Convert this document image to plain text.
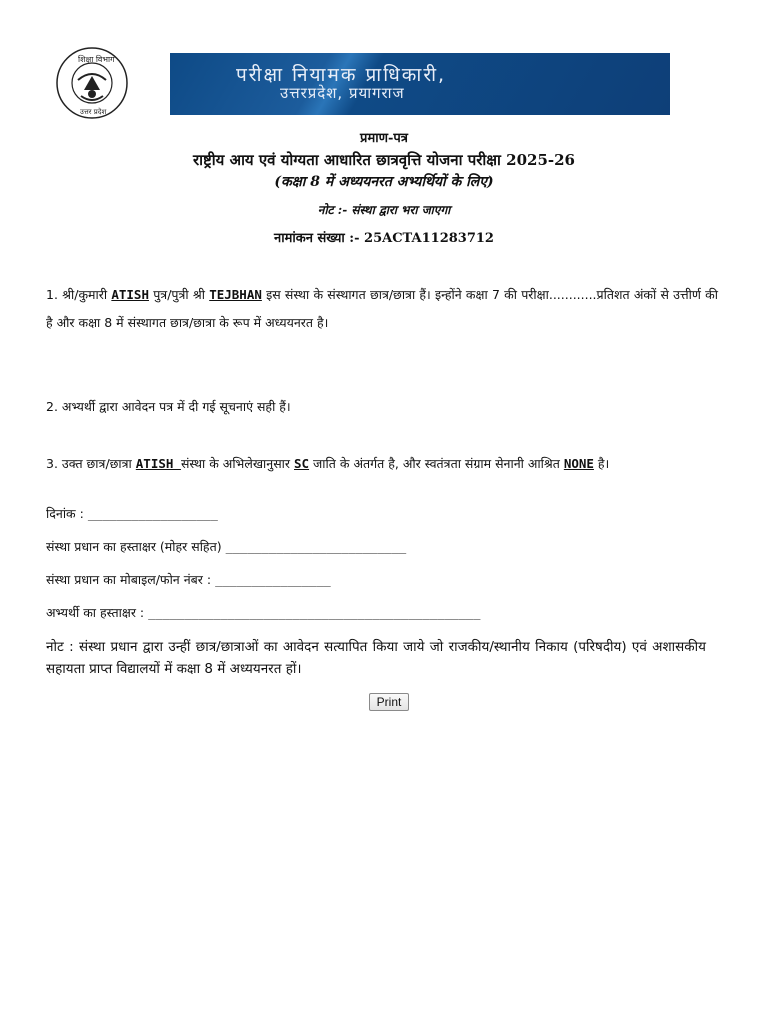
शिक्षा विभाग
उत्तर प्रदेश
परीक्षा नियामक प्राधिकारी,
उत्तरप्रदेश, प्रयागराज
प्रमाण-पत्र
राष्ट्रीय आय एवं योग्यता आधारित छात्रवृत्ति योजना परीक्षा 2025-26
(कक्षा 8 में अध्ययनरत अभ्यर्थियों के लिए)
नोट :- संस्था द्वारा भरा जाएगा
नामांकन संख्या :- 25ACTA11283712
1. श्री/कुमारी ATISH पुत्र/पुत्री श्री TEJBHAN इस संस्था के संस्थागत छात्र/छात्रा हैं। इन्होंने कक्षा 7 की परीक्षा............प्रतिशत अंकों से उत्तीर्ण की है और कक्षा 8 में संस्थागत छात्र/छात्रा के रूप में अध्ययनरत है।
2. अभ्यर्थी द्वारा आवेदन पत्र में दी गई सूचनाएं सही हैं।
3. उक्त छात्र/छात्रा ATISH संस्था के अभिलेखानुसार SC जाति के अंतर्गत है, और स्वतंत्रता संग्राम सेनानी आश्रित NONE है।
दिनांक : __________________
संस्था प्रधान का हस्ताक्षर (मोहर सहित) _________________________
संस्था प्रधान का मोबाइल/फोन नंबर : ________________
अभ्यर्थी का हस्ताक्षर : ______________________________________________
नोट : संस्था प्रधान द्वारा उन्हीं छात्र/छात्राओं का आवेदन सत्यापित किया जाये जो राजकीय/स्थानीय निकाय (परिषदीय) एवं अशासकीय सहायता प्राप्त विद्यालयों में कक्षा 8 में अध्ययनरत हों।
Print
